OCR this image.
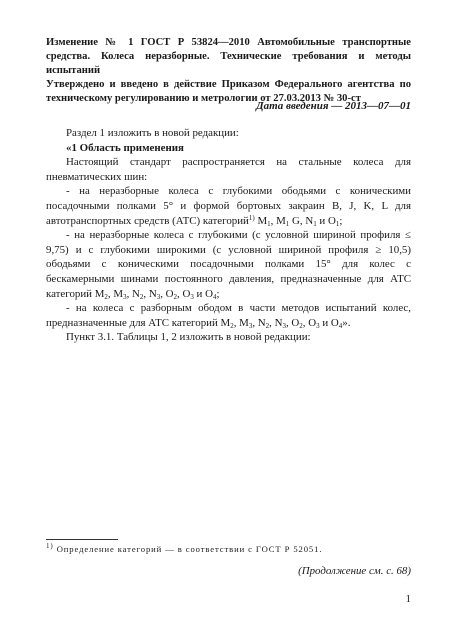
Изменение № 1 ГОСТ Р 53824—2010 Автомобильные транспортные средства. Колеса неразборные. Технические требования и методы испытаний
Утверждено и введено в действие Приказом Федерального агентства по техническому регулированию и метрологии от 27.03.2013 № 30-ст
Дата введения — 2013—07—01

Раздел 1 изложить в новой редакции:

«1 Область применения

Настоящий стандарт распространяется на стальные колеса для пневматических шин:

- на неразборные колеса с глубокими ободьями с коническими посадочными полками 5° и формой бортовых закраин B, J, K, L для автотранспортных средств (АТС) категорий$^{1)}$ $M_1$, $M_1$ G, $N_1$ и $O_1$;

- на неразборные колеса с глубокими (с условной шириной профиля ≤ 9,75) и с глубокими широкими (с условной шириной профиля ≥ 10,5) ободьями с коническими посадочными полками 15° для колес с бескамерными шинами постоянного давления, предназначенные для АТС категорий $M_2$, $M_3$, $N_2$, $N_3$, $O_2$, $O_3$ и $O_4$;

- на колеса с разборным ободом в части методов испытаний колес, предназначенные для АТС категорий $M_2$, $M_3$, $N_2$, $N_3$, $O_2$, $O_3$ и $O_4$».

Пункт 3.1. Таблицы 1, 2 изложить в новой редакции:

$^{1)}$ Определение категорий — в соответствии с ГОСТ Р 52051.
(Продолжение см. с. 68)
1
